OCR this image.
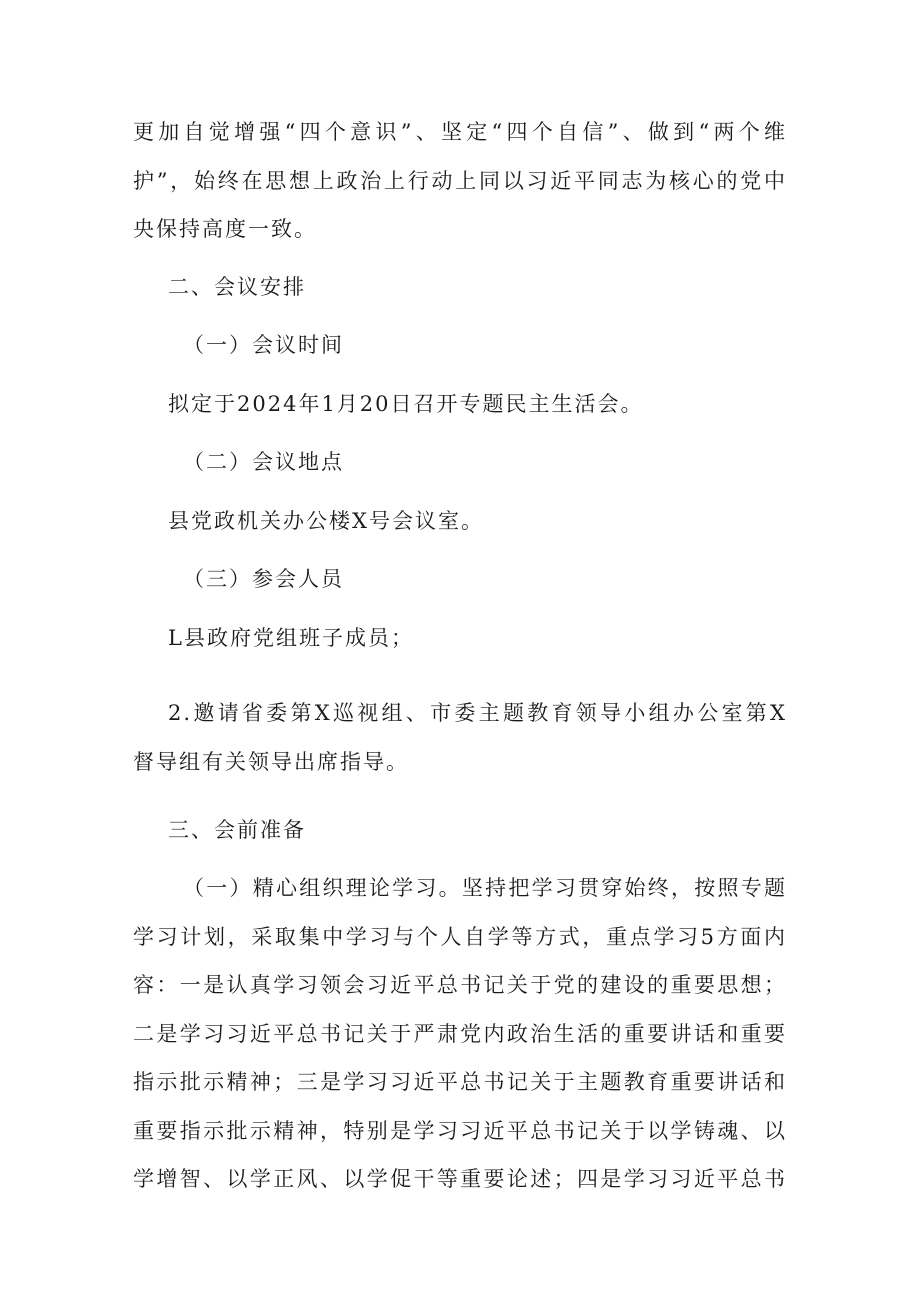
更加自觉增强“四个意识”、坚定“四个自信”、做到“两个维
护”，始终在思想上政治上行动上同以习近平同志为核心的党中
央保持高度一致。
二、会议安排
（一）会议时间
拟定于2024年1月20日召开专题民主生活会。
（二）会议地点
县党政机关办公楼X号会议室。
（三）参会人员
L县政府党组班子成员；
2.邀请省委第X巡视组、市委主题教育领导小组办公室第X
督导组有关领导出席指导。
三、会前准备
（一）精心组织理论学习。坚持把学习贯穿始终，按照专题
学习计划，采取集中学习与个人自学等方式，重点学习5方面内
容：一是认真学习领会习近平总书记关于党的建设的重要思想；
二是学习习近平总书记关于严肃党内政治生活的重要讲话和重要
指示批示精神；三是学习习近平总书记关于主题教育重要讲话和
重要指示批示精神，特别是学习习近平总书记关于以学铸魂、以
学增智、以学正风、以学促干等重要论述；四是学习习近平总书
